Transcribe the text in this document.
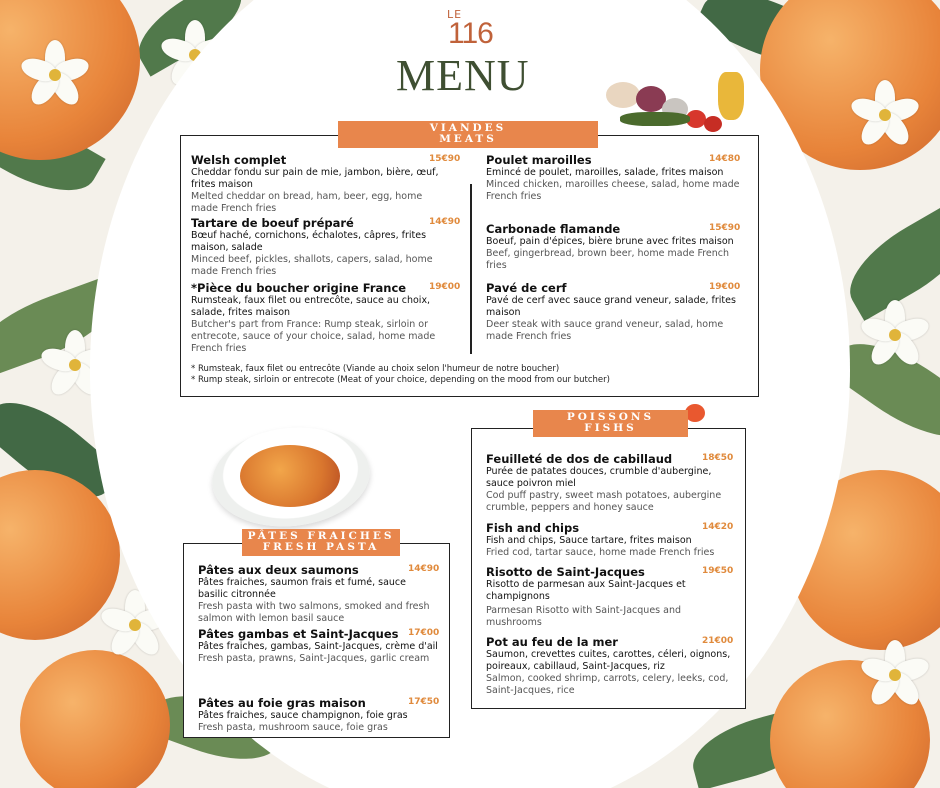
LE
116
MENU
Welsh complet	15€90
Cheddar fondu sur pain de mie, jambon, bière, œuf, frites maison
Melted cheddar on bread, ham, beer, egg, home made French fries
Tartare de boeuf préparé	14€90
Bœuf haché, cornichons, échalotes, câpres, frites maison, salade
Minced beef, pickles, shallots, capers, salad, home made French fries
*Pièce du boucher origine France	19€00
Rumsteak, faux filet ou entrecôte, sauce au choix, salade, frites maison
Butcher's part from France: Rump steak, sirloin or entrecote, sauce of your choice, salad, home made French fries
Poulet maroilles	14€80
Emincé de poulet, maroilles, salade, frites maison
Minced chicken, maroilles cheese, salad, home made French fries
Carbonade flamande	15€90
Boeuf, pain d'épices, bière brune avec frites maison
Beef, gingerbread, brown beer, home made French fries
Pavé de cerf	19€00
Pavé de cerf avec sauce grand veneur, salade, frites maison
Deer steak with sauce grand veneur, salad, home made French fries
* Rumsteak, faux filet ou entrecôte (Viande au choix selon l'humeur de notre boucher)
* Rump steak, sirloin or entrecote (Meat of your choice, depending on the mood from our butcher)
VIANDES
MEATS
Pâtes aux deux saumons	14€90
Pâtes fraiches, saumon frais et fumé, sauce basilic citronnée
Fresh pasta with two salmons, smoked and fresh salmon with lemon basil sauce
Pâtes gambas et Saint-Jacques	17€00
Pâtes fraiches, gambas, Saint-Jacques, crème d'ail
Fresh pasta, prawns, Saint-Jacques, garlic cream
Pâtes au foie gras maison	17€50
Pâtes fraiches, sauce champignon, foie gras
Fresh pasta, mushroom sauce, foie gras
PÂTES FRAICHES
FRESH PASTA
Feuilleté de dos de cabillaud	18€50
Purée de patates douces, crumble d'aubergine, sauce poivron miel
Cod puff pastry, sweet mash potatoes, aubergine crumble, peppers and honey sauce
Fish and chips	14€20
Fish and chips, Sauce tartare, frites maison
Fried cod, tartar sauce, home made French fries
Risotto de Saint-Jacques	19€50
Risotto de parmesan aux Saint-Jacques et champignons
Parmesan Risotto with Saint-Jacques and mushrooms
Pot au feu de la mer	21€00
Saumon, crevettes cuites, carottes, céleri, oignons, poireaux, cabillaud, Saint-Jacques, riz
Salmon, cooked shrimp, carrots, celery, leeks, cod, Saint-Jacques, rice
POISSONS
FISHS
